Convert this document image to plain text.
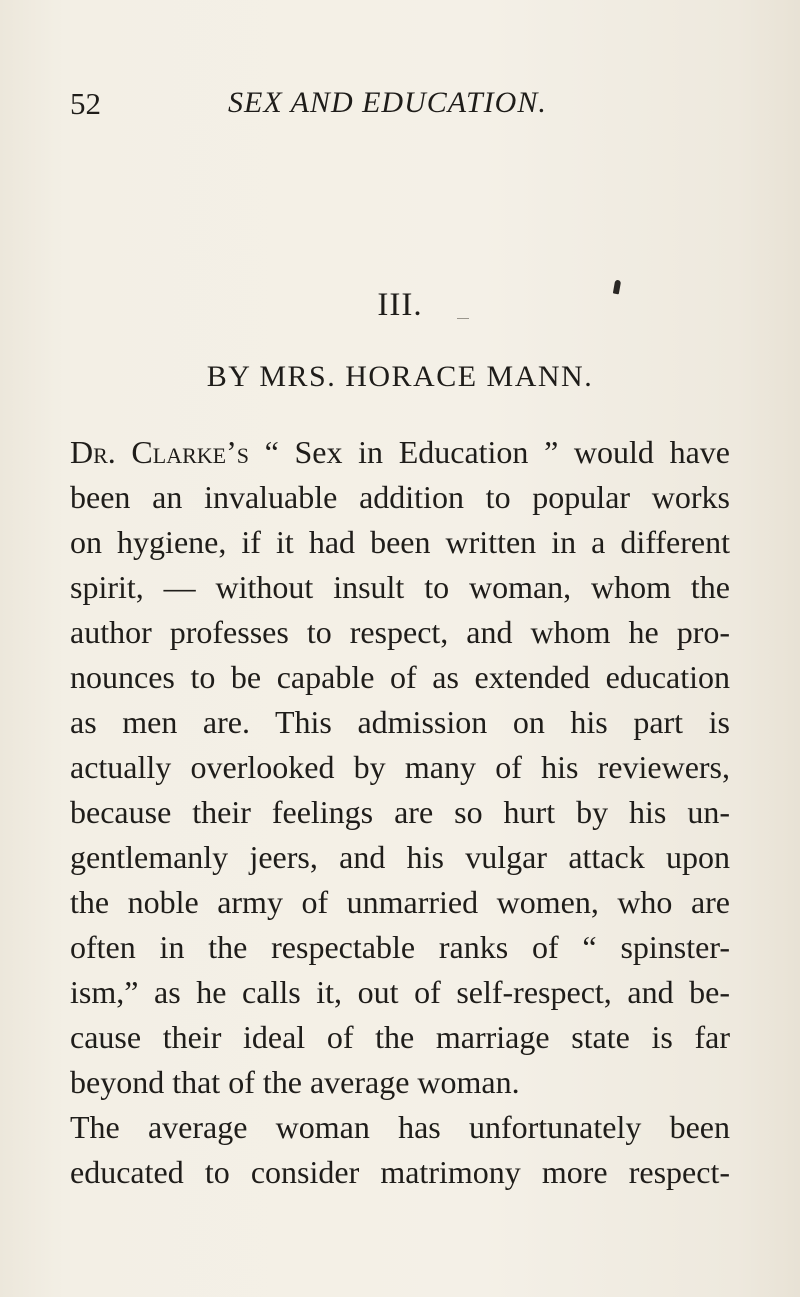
52	SEX AND EDUCATION.
III.
BY MRS. HORACE MANN.
Dr. Clarke’s “ Sex in Education ” would have
been an invaluable addition to popular works
on hygiene, if it had been written in a different
spirit, — without insult to woman, whom the
author professes to respect, and whom he pro-
nounces to be capable of as extended education
as men are. This admission on his part is
actually overlooked by many of his reviewers,
because their feelings are so hurt by his un-
gentlemanly jeers, and his vulgar attack upon
the noble army of unmarried women, who are
often in the respectable ranks of “ spinster-
ism,” as he calls it, out of self-respect, and be-
cause their ideal of the marriage state is far
beyond that of the average woman.
The average woman has unfortunately been
educated to consider matrimony more respect-
